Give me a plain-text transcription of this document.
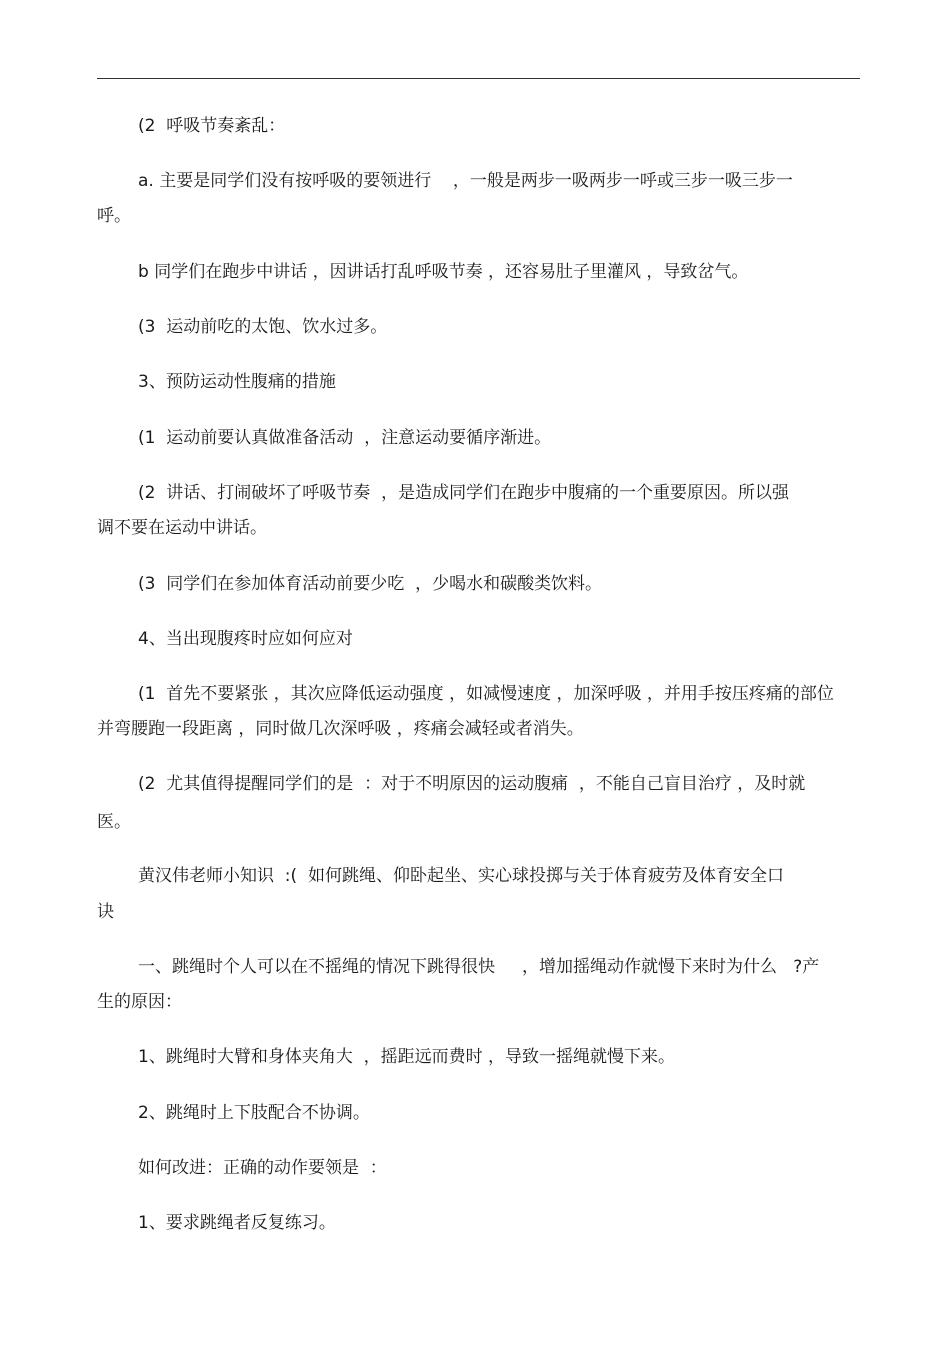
(2  呼吸节奏紊乱：
a. 主要是同学们没有按呼吸的要领进行    ，一般是两步一吸两步一呼或三步一吸三步一
呼。
b 同学们在跑步中讲话 ，因讲话打乱呼吸节奏 ，还容易肚子里灌风 ，导致岔气。
(3  运动前吃的太饱、饮水过多。
3、预防运动性腹痛的措施
(1  运动前要认真做准备活动  ，注意运动要循序渐进。
(2  讲话、打闹破坏了呼吸节奏  ，是造成同学们在跑步中腹痛的一个重要原因。所以强
调不要在运动中讲话。
(3  同学们在参加体育活动前要少吃  ，少喝水和碳酸类饮料。
4、当出现腹疼时应如何应对
(1  首先不要紧张 ，其次应降低运动强度 ，如减慢速度 ，加深呼吸 ，并用手按压疼痛的部位
并弯腰跑一段距离 ，同时做几次深呼吸 ，疼痛会减轻或者消失。
(2  尤其值得提醒同学们的是  ：对于不明原因的运动腹痛  ，不能自己盲目治疗 ，及时就
医。
黄汉伟老师小知识  :(  如何跳绳、仰卧起坐、实心球投掷与关于体育疲劳及体育安全口
诀
一、跳绳时个人可以在不摇绳的情况下跳得很快     ，增加摇绳动作就慢下来时为什么   ?产
生的原因：
1、跳绳时大臂和身体夹角大  ，摇距远而费时 ，导致一摇绳就慢下来。
2、跳绳时上下肢配合不协调。
如何改进：正确的动作要领是  ：
1、要求跳绳者反复练习。
